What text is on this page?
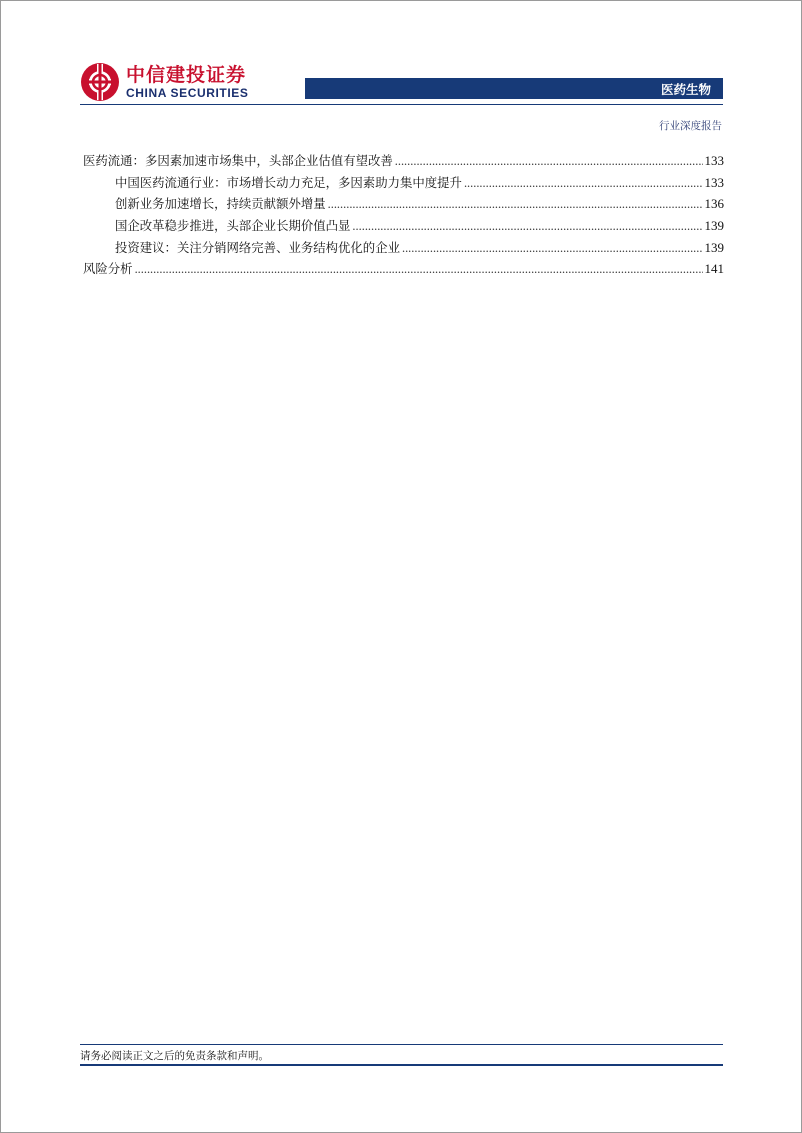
中信建投证券
CHINA SECURITIES	医药生物
行业深度报告
医药流通：多因素加速市场集中，头部企业估值有望改善 .....	133
中国医药流通行业：市场增长动力充足，多因素助力集中度提升 .....	133
创新业务加速增长，持续贡献额外增量 .....	136
国企改革稳步推进，头部企业长期价值凸显 .....	139
投资建议：关注分销网络完善、业务结构优化的企业 .....	139
风险分析 .....	141
请务必阅读正文之后的免责条款和声明。
